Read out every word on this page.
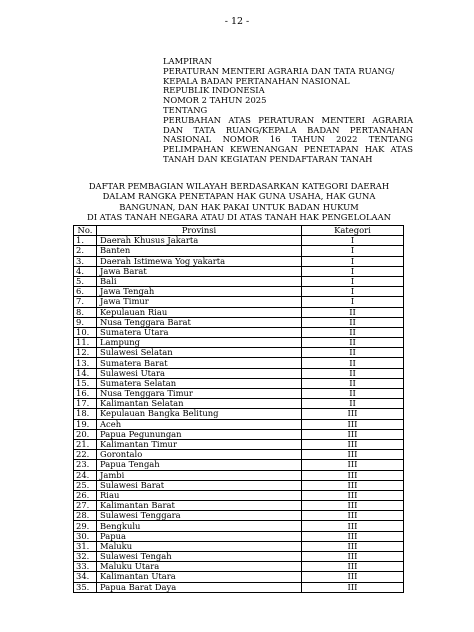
- 12 -
LAMPIRAN
PERATURAN MENTERI AGRARIA DAN TATA RUANG/
KEPALA BADAN PERTANAHAN NASIONAL
REPUBLIK INDONESIA
NOMOR 2 TAHUN 2025
TENTANG
PERUBAHAN ATAS PERATURAN MENTERI AGRARIA
DAN TATA RUANG/KEPALA BADAN PERTANAHAN
NASIONAL NOMOR 16 TAHUN 2022 TENTANG
PELIMPAHAN KEWENANGAN PENETAPAN HAK ATAS
TANAH DAN KEGIATAN PENDAFTARAN TANAH
DAFTAR PEMBAGIAN WILAYAH BERDASARKAN KATEGORI DAERAH
DALAM RANGKA PENETAPAN HAK GUNA USAHA, HAK GUNA
BANGUNAN, DAN HAK PAKAI UNTUK BADAN HUKUM
DI ATAS TANAH NEGARA ATAU DI ATAS TANAH HAK PENGELOLAAN
No.	Provinsi	Kategori
1.	Daerah Khusus Jakarta	I
2.	Banten	I
3.	Daerah Istimewa Yog yakarta	I
4.	Jawa Barat	I
5.	Bali	I
6.	Jawa Tengah	I
7.	Jawa Timur	I
8.	Kepulauan Riau	II
9.	Nusa Tenggara Barat	II
10.	Sumatera Utara	II
11.	Lampung	II
12.	Sulawesi Selatan	II
13.	Sumatera Barat	II
14.	Sulawesi Utara	II
15.	Sumatera Selatan	II
16.	Nusa Tenggara Timur	II
17.	Kalimantan Selatan	II
18.	Kepulauan Bangka Belitung	III
19.	Aceh	III
20.	Papua Pegunungan	III
21.	Kalimantan Timur	III
22.	Gorontalo	III
23.	Papua Tengah	III
24.	Jambi	III
25.	Sulawesi Barat	III
26.	Riau	III
27.	Kalimantan Barat	III
28.	Sulawesi Tenggara	III
29.	Bengkulu	III
30.	Papua	III
31.	Maluku	III
32.	Sulawesi Tengah	III
33.	Maluku Utara	III
34.	Kalimantan Utara	III
35.	Papua Barat Daya	III
